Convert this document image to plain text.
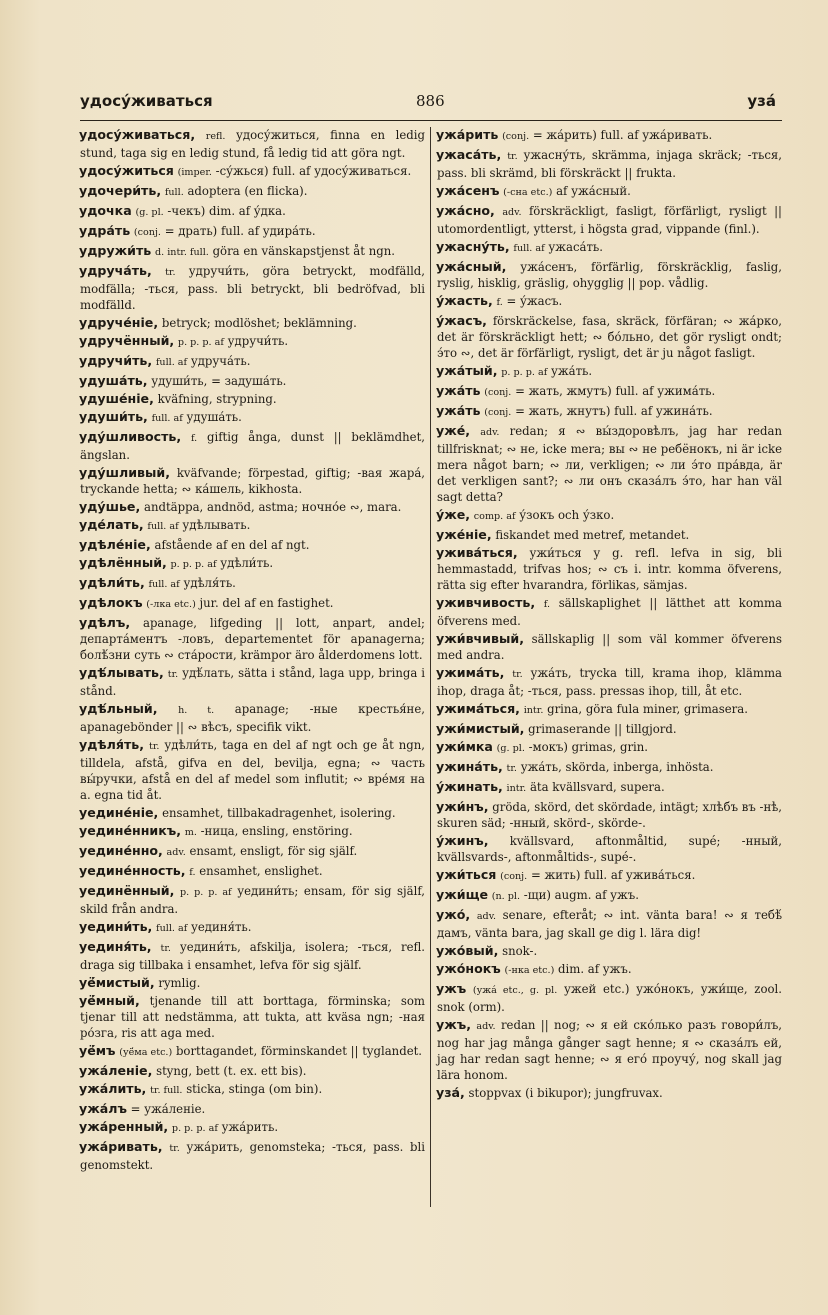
удосу́живаться	886	уза́
удосу́живаться, refl. удосу́житься, finna en ledig stund, taga sig en ledig stund, få ledig tid att göra ngt.
удосу́житься (imper. -су́жься) full. af удосу́живаться.
удочери́ть, full. adoptera (en flicka).
удочка (g. pl. -чекъ) dim. af у́дка.
удра́ть (conj. = драть) full. af удира́ть.
удружи́ть d. intr. full. göra en vänskapstjenst åt ngn.
удруча́ть, tr. удручи́ть, göra betryckt, modfälld, modfälla; -ться, pass. bli betryckt, bli bedröfvad, bli modfälld.
удруче́ніе, betryck; modlöshet; beklämning.
удручённый, p. p. p. af удручи́ть.
удручи́ть, full. af удруча́ть.
удуша́ть, удуши́ть, = задуша́ть.
удуше́ніе, kväfning, strypning.
удуши́ть, full. af удуша́ть.
уду́шливость, f. giftig ånga, dunst || beklämdhet, ängslan.
уду́шливый, kväfvande; förpestad, giftig; -вая жара́, tryckande hetta; ∾ ка́шель, kikhosta.
уду́шье, andtäppa, andnöd, astma; ночно́е ∾, mara.
уде́лать, full. af удѣлывать.
удѣле́ніе, afstående af en del af ngt.
удѣлённый, p. p. p. af удѣли́ть.
удѣли́ть, full. af удѣля́ть.
удѣлокъ (-лка etc.) jur. del af en fastighet.
удѣлъ, apanage, lifgeding || lott, anpart, andel; департа́ментъ -ловъ, departementet för apanagerna; болѣ́зни суть ∾ ста́рости, krämpor äro ålderdomens lott.
удѣ́лывать, tr. удѣ́лать, sätta i stånd, laga upp, bringa i stånd.
удѣ́льный, h. t. apanage; -ные крестья́не, apanagebönder || ∾ вѣсъ, specifik vikt.
удѣля́ть, tr. удѣли́ть, taga en del af ngt och ge åt ngn, tilldela, afstå, gifva en del, bevilja, egna; ∾ часть вы́ручки, afstå en del af medel som influtit; ∾ вре́мя на а. egna tid åt.
уедине́ніе, ensamhet, tillbakadragenhet, isolering.
уедине́нникъ, m. -ница, ensling, enstöring.
уедине́нно, adv. ensamt, ensligt, för sig själf.
уедине́нность, f. ensamhet, enslighet.
уединённый, p. p. p. af уедини́ть; ensam, för sig själf, skild från andra.
уедини́ть, full. af уединя́ть.
уединя́ть, tr. уедини́ть, afskilja, isolera; -ться, refl. draga sig tillbaka i ensamhet, lefva för sig själf.
уё́мистый, rymlig.
уё́мный, tjenande till att borttaga, förminska; som tjenar till att nedstämma, att tukta, att kväsa ngn; -ная ро́зга, ris att aga med.
уё́мъ (уё́ма etc.) borttagandet, förminskandet || tyglandet.
ужа́леніе, styng, bett (t. ex. ett bis).
ужа́лить, tr. full. sticka, stinga (om bin).
ужа́лъ = ужа́леніе.
ужа́ренный, p. p. p. af ужа́рить.
ужа́ривать, tr. ужа́рить, genomsteka; -ться, pass. bli genomstekt.
ужа́рить (conj. = жа́рить) full. af ужа́ривать.
ужаса́ть, tr. ужасну́ть, skrämma, injaga skräck; -ться, pass. bli skrämd, bli förskräckt || frukta.
ужа́сенъ (-сна etc.) af ужа́сный.
ужа́сно, adv. förskräckligt, fasligt, förfärligt, rysligt || utomordentligt, ytterst, i högsta grad, vippande (finl.).
ужасну́ть, full. af ужаса́ть.
ужа́сный, ужа́сенъ, förfärlig, förskräcklig, faslig, ryslig, hisklig, gräslig, ohygglig || pop. vådlig.
у́жасть, f. = у́жасъ.
у́жасъ, förskräckelse, fasa, skräck, förfäran; ∾ жа́рко, det är förskräckligt hett; ∾ бо́льно, det gör rysligt ondt; э́то ∾, det är förfärligt, rysligt, det är ju något fasligt.
ужа́тый, p. p. p. af ужа́ть.
ужа́ть (conj. = жать, жмутъ) full. af ужима́ть.
ужа́ть (conj. = жать, жнутъ) full. af ужина́ть.
уже́, adv. redan; я ∾ вы́здоровѣлъ, jag har redan tillfrisknat; ∾ не, icke mera; вы ∾ не ребёнокъ, ni är icke mera något barn; ∾ ли, verkligen; ∾ ли э́то пра́вда, är det verkligen sant?; ∾ ли онъ сказа́лъ э́то, har han väl sagt detta?
у́же, comp. af у́зокъ och у́зко.
уже́ніе, fiskandet med metref, metandet.
ужива́ться, ужи́ться у g. refl. lefva in sig, bli hemmastadd, trifvas hos; ∾ съ i. intr. komma öfverens, rätta sig efter hvarandra, förlikas, sämjas.
уживчивость, f. sällskaplighet || lätthet att komma öfverens med.
ужи́вчивый, sällskaplig || som väl kommer öfverens med andra.
ужима́ть, tr. ужа́ть, trycka till, krama ihop, klämma ihop, draga åt; -ться, pass. pressas ihop, till, åt etc.
ужима́ться, intr. grina, göra fula miner, grimasera.
ужи́мистый, grimaserande || tillgjord.
ужи́мка (g. pl. -мокъ) grimas, grin.
ужина́ть, tr. ужа́ть, skörda, inberga, inhösta.
у́жинать, intr. äta kvällsvard, supera.
ужи́нъ, gröda, skörd, det skördade, intägt; хлѣбъ въ -нѣ, skuren säd; -нный, skörd-, skörde-.
у́жинъ, kvällsvard, aftonmåltid, supé; -нный, kvällsvards-, aftonmåltids-, supé-.
ужи́ться (conj. = жить) full. af ужива́ться.
ужи́ще (n. pl. -щи) augm. af ужъ.
ужо́, adv. senare, efteråt; ∾ int. vänta bara! ∾ я тебѣ́ дамъ, vänta bara, jag skall ge dig l. lära dig!
ужо́вый, snok-.
ужо́нокъ (-нка etc.) dim. af ужъ.
ужъ (ужа́ etc., g. pl. ужей etc.) ужо́нокъ, ужи́ще, zool. snok (orm).
ужъ, adv. redan || nog; ∾ я ей ско́лько разъ говори́лъ, nog har jag många gånger sagt henne; я ∾ сказа́лъ ей, jag har redan sagt henne; ∾ я его́ проучу́, nog skall jag lära honom.
уза́, stoppvax (i bikupor); jungfruvax.
